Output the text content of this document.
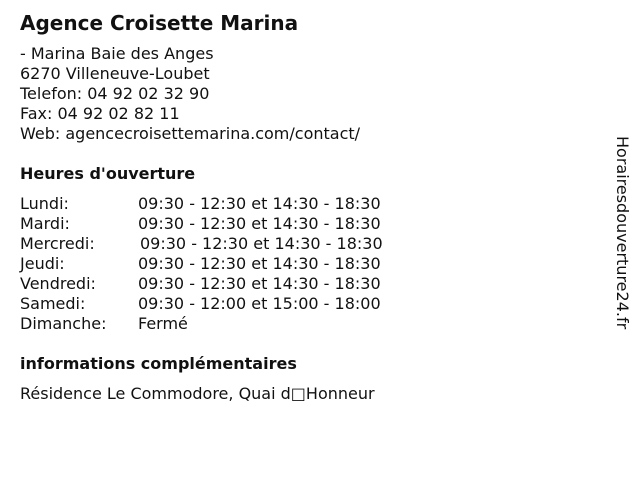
Agence Croisette Marina
- Marina Baie des Anges
6270 Villeneuve-Loubet
Telefon: 04 92 02 32 90
Fax: 04 92 02 82 11
Web: agencecroisettemarina.com/contact/
Heures d'ouverture
Lundi:	09:30 - 12:30 et 14:30 - 18:30
Mardi:	09:30 - 12:30 et 14:30 - 18:30
Mercredi:	09:30 - 12:30 et 14:30 - 18:30
Jeudi:	09:30 - 12:30 et 14:30 - 18:30
Vendredi:	09:30 - 12:30 et 14:30 - 18:30
Samedi:	09:30 - 12:00 et 15:00 - 18:00
Dimanche:	Fermé
informations complémentaires
Résidence Le Commodore, Quai d□Honneur
Horairesdouverture24.fr
